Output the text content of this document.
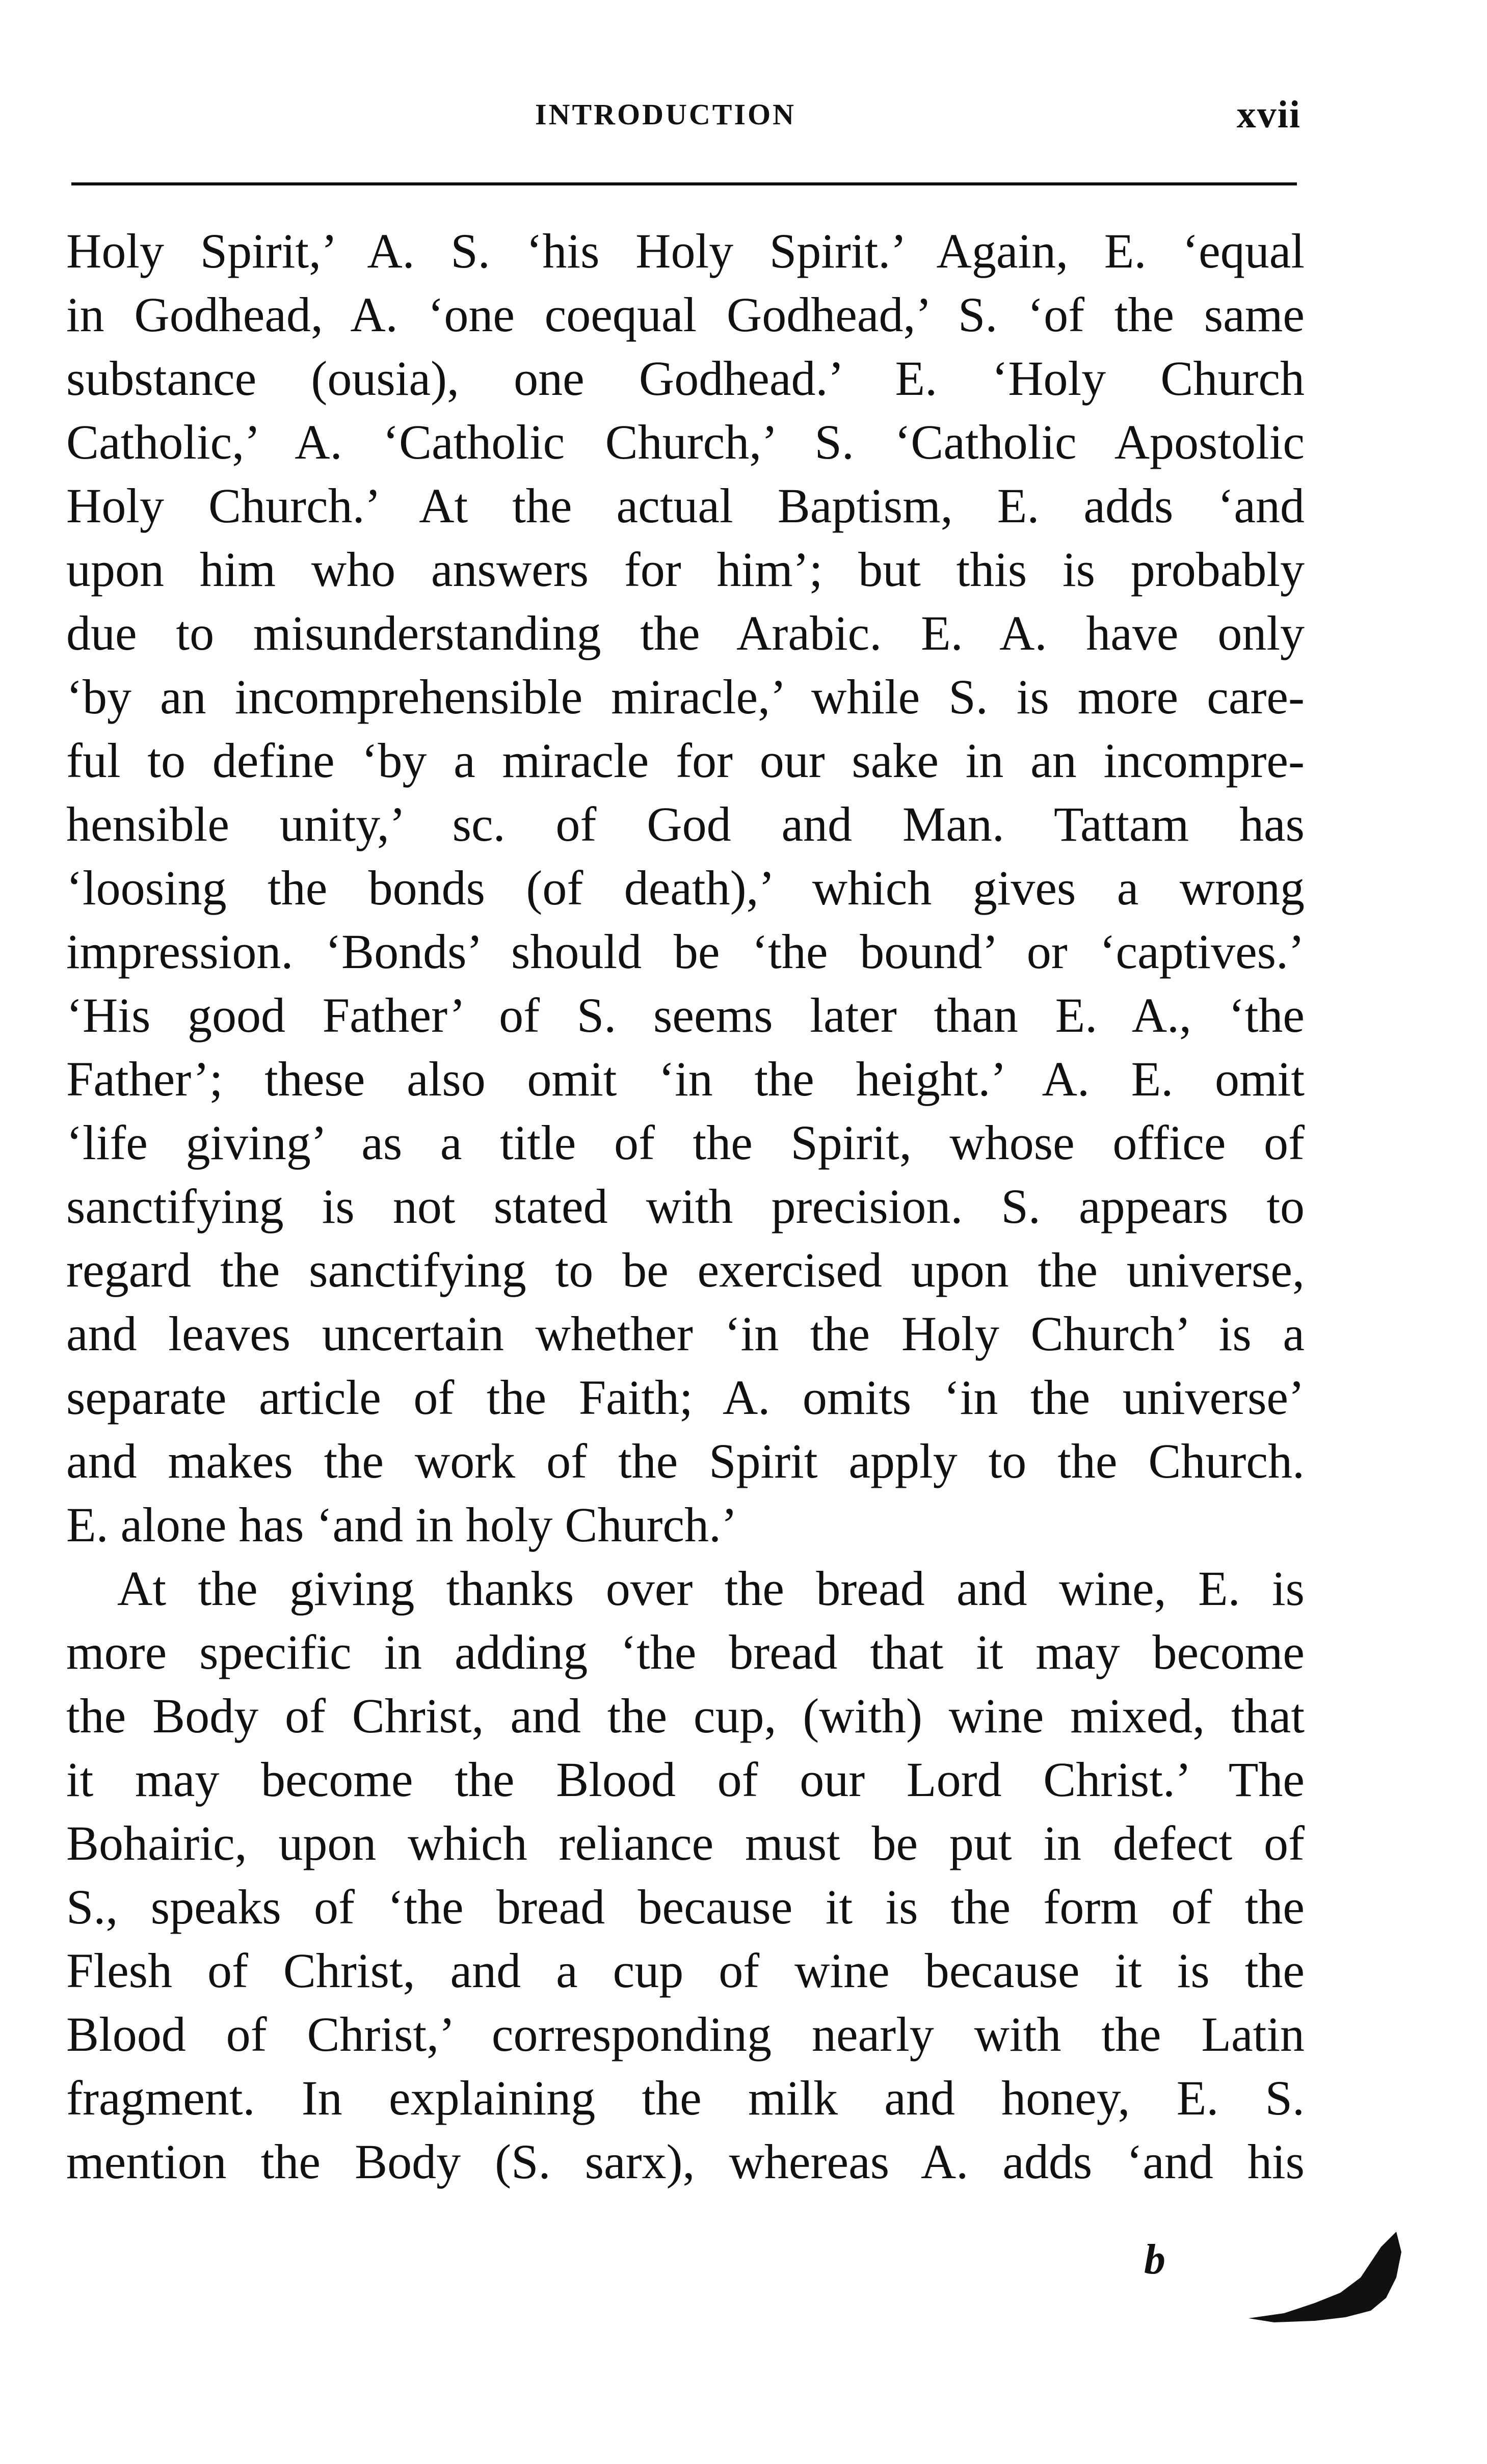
INTRODUCTION	xvii
Holy Spirit,’ A. S. ‘his Holy Spirit.’ Again, E. ‘equal
in Godhead, A. ‘one coequal Godhead,’ S. ‘of the same
substance (ousia), one Godhead.’ E. ‘Holy Church
Catholic,’ A. ‘Catholic Church,’ S. ‘Catholic Apostolic
Holy Church.’ At the actual Baptism, E. adds ‘and
upon him who answers for him’; but this is probably
due to misunderstanding the Arabic. E. A. have only
‘by an incomprehensible miracle,’ while S. is more care-
ful to define ‘by a miracle for our sake in an incompre-
hensible unity,’ sc. of God and Man. Tattam has
‘loosing the bonds (of death),’ which gives a wrong
impression. ‘Bonds’ should be ‘the bound’ or ‘captives.’
‘His good Father’ of S. seems later than E. A., ‘the
Father’; these also omit ‘in the height.’ A. E. omit
‘life giving’ as a title of the Spirit, whose office of
sanctifying is not stated with precision. S. appears to
regard the sanctifying to be exercised upon the universe,
and leaves uncertain whether ‘in the Holy Church’ is a
separate article of the Faith; A. omits ‘in the universe’
and makes the work of the Spirit apply to the Church.
E. alone has ‘and in holy Church.’
At the giving thanks over the bread and wine, E. is
more specific in adding ‘the bread that it may become
the Body of Christ, and the cup, (with) wine mixed, that
it may become the Blood of our Lord Christ.’ The
Bohairic, upon which reliance must be put in defect of
S., speaks of ‘the bread because it is the form of the
Flesh of Christ, and a cup of wine because it is the
Blood of Christ,’ corresponding nearly with the Latin
fragment. In explaining the milk and honey, E. S.
mention the Body (S. sarx), whereas A. adds ‘and his
b
